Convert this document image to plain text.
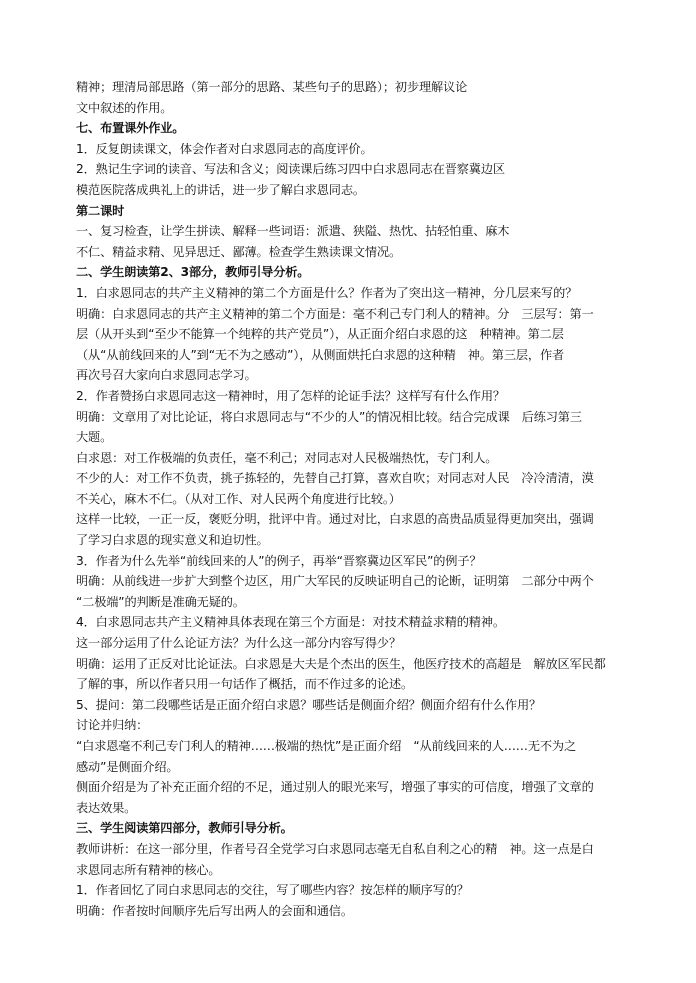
精神；理清局部思路（第一部分的思路、某些句子的思路）；初步理解议论
文中叙述的作用。
七、布置课外作业。
1．反复朗读课文，体会作者对白求恩同志的高度评价。
2．熟记生字词的读音、写法和含义；阅读课后练习四中白求恩同志在晋察冀边区
模范医院落成典礼上的讲话，进一步了解白求恩同志。
第二课时
一、复习检查，让学生拼读、解释一些词语：派遣、狭隘、热忱、拈轻怕重、麻木
不仁、精益求精、见异思迁、鄙薄。检查学生熟读课文情况。
二、学生朗读第2、3部分，教师引导分析。
1．白求恩同志的共产主义精神的第二个方面是什么？作者为了突出这一精神，分几层来写的？
明确：白求恩同志的共产主义精神的第二个方面是：毫不利己专门利人的精神。分　三层写：第一
层（从开头到“至少不能算一个纯粹的共产党员”），从正面介绍白求恩的这　种精神。第二层
（从“从前线回来的人”到“无不为之感动”），从侧面烘托白求恩的这种精　神。第三层，作者
再次号召大家向白求恩同志学习。
2．作者赞扬白求恩同志这一精神时，用了怎样的论证手法？这样写有什么作用？
明确：文章用了对比论证，将白求恩同志与“不少的人”的情况相比较。结合完成课　后练习第三
大题。
白求恩：对工作极端的负责任，毫不利己；对同志对人民极端热忱，专门利人。
不少的人：对工作不负责，挑子拣轻的，先替自己打算，喜欢自吹；对同志对人民　冷冷清清，漠
不关心，麻木不仁。（从对工作、对人民两个角度进行比较。）
这样一比较，一正一反，褒贬分明，批评中肯。通过对比，白求恩的高贵品质显得更加突出，强调
了学习白求恩的现实意义和迫切性。
3．作者为什么先举“前线回来的人”的例子，再举“晋察冀边区军民”的例子？
明确：从前线进一步扩大到整个边区，用广大军民的反映证明自己的论断，证明第　二部分中两个
“二极端”的判断是准确无疑的。
4．白求恩同志共产主义精神具体表现在第三个方面是：对技术精益求精的精神。
这一部分运用了什么论证方法？为什么这一部分内容写得少？
明确：运用了正反对比论证法。白求恩是大夫是个杰出的医生，他医疗技术的高超是　解放区军民都
了解的事，所以作者只用一句话作了概括，而不作过多的论述。
5、提问：第二段哪些话是正面介绍白求恩？哪些话是侧面介绍？侧面介绍有什么作用？
讨论并归纳：
“白求恩毫不利己专门利人的精神……极端的热忱”是正面介绍　“从前线回来的人……无不为之
感动”是侧面介绍。
侧面介绍是为了补充正面介绍的不足，通过别人的眼光来写，增强了事实的可信度，增强了文章的
表达效果。
三、学生阅读第四部分，教师引导分析。
教师讲析：在这一部分里，作者号召全党学习白求恩同志毫无自私自利之心的精　神。这一点是白
求恩同志所有精神的核心。
1．作者回忆了同白求思同志的交往，写了哪些内容？按怎样的顺序写的？
明确：作者按时间顺序先后写出两人的会面和通信。
